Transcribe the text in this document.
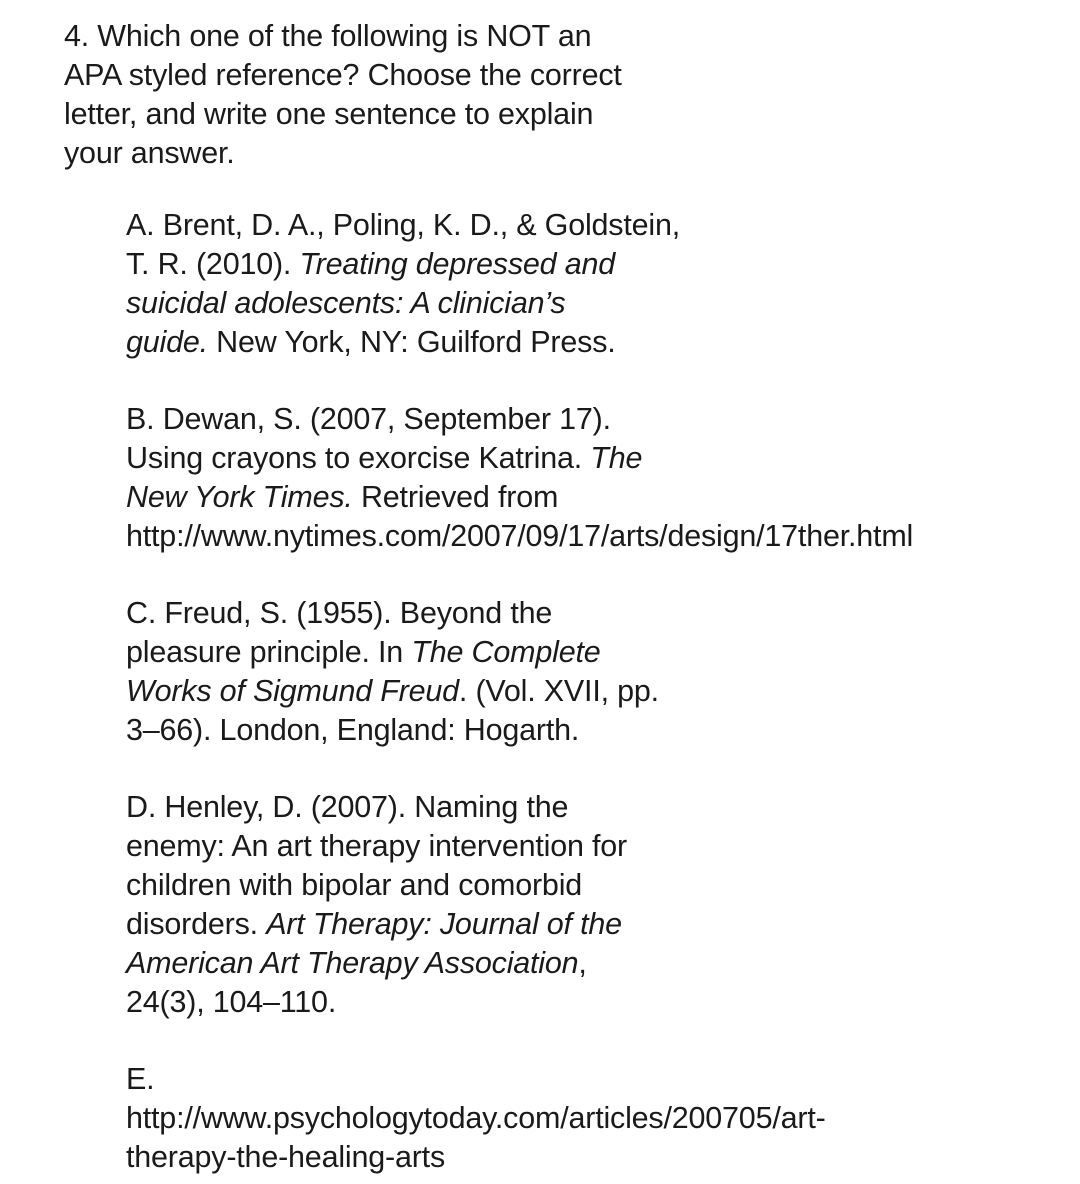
4. Which one of the following is NOT an
APA styled reference? Choose the correct
letter, and write one sentence to explain
your answer.
A. Brent, D. A., Poling, K. D., & Goldstein,
T. R. (2010). Treating depressed and
suicidal adolescents: A clinician’s
guide. New York, NY: Guilford Press.
B. Dewan, S. (2007, September 17).
Using crayons to exorcise Katrina. The
New York Times. Retrieved from
http://www.nytimes.com/2007/09/17/arts/design/17ther.html
C. Freud, S. (1955). Beyond the
pleasure principle. In The Complete
Works of Sigmund Freud. (Vol. XVII, pp.
3–66). London, England: Hogarth.
D. Henley, D. (2007). Naming the
enemy: An art therapy intervention for
children with bipolar and comorbid
disorders. Art Therapy: Journal of the
American Art Therapy Association,
24(3), 104–110.
E.
http://www.psychologytoday.com/articles/200705/art-
therapy-the-healing-arts
